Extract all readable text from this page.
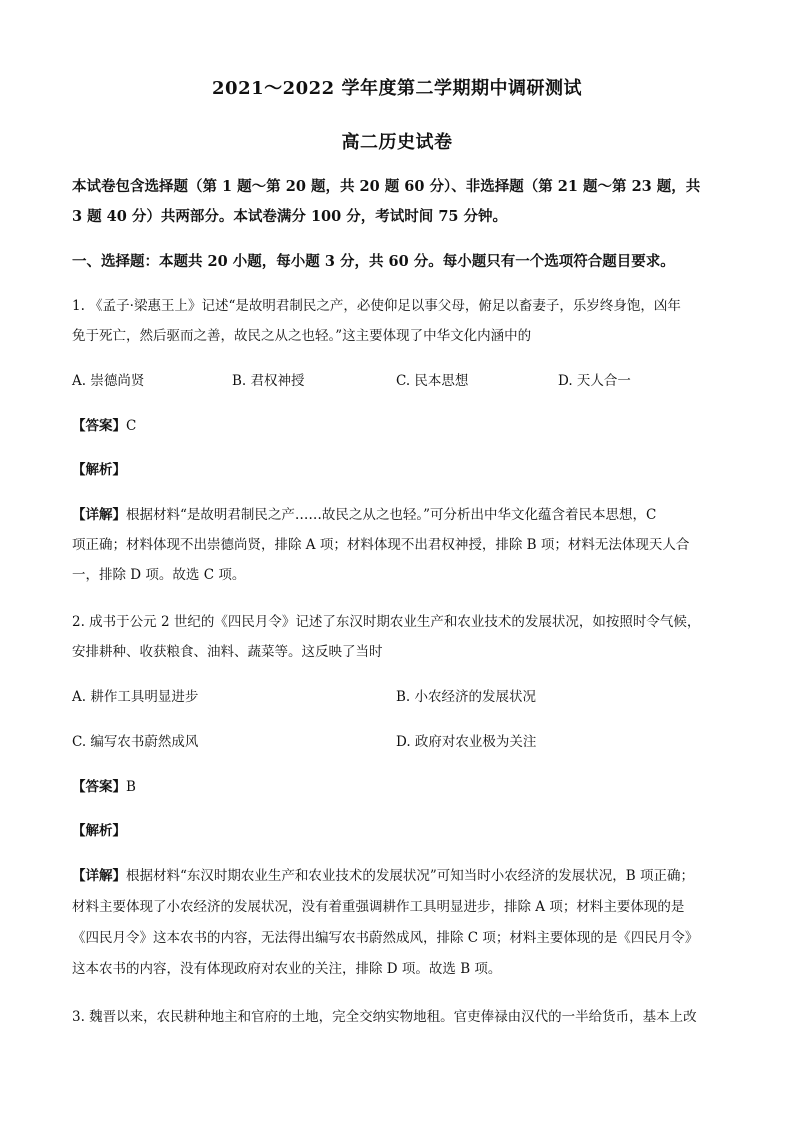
2021～2022 学年度第二学期期中调研测试
高二历史试卷
本试卷包含选择题（第 1 题～第 20 题，共 20 题 60 分）、非选择题（第 21 题～第 23 题，共
3 题 40 分）共两部分。本试卷满分 100 分，考试时间 75 分钟。
一、选择题：本题共 20 小题，每小题 3 分，共 60 分。每小题只有一个选项符合题目要求。
1. 《孟子·梁惠王上》记述“是故明君制民之产，必使仰足以事父母，俯足以畜妻子，乐岁终身饱，凶年
免于死亡，然后驱而之善，故民之从之也轻。”这主要体现了中华文化内涵中的
A. 崇德尚贤	B. 君权神授	C. 民本思想	D. 天人合一
【答案】C
【解析】
【详解】根据材料“是故明君制民之产……故民之从之也轻。”可分析出中华文化蕴含着民本思想，C
项正确；材料体现不出崇德尚贤，排除 A 项；材料体现不出君权神授，排除 B 项；材料无法体现天人合
一，排除 D 项。故选 C 项。
2. 成书于公元 2 世纪的《四民月令》记述了东汉时期农业生产和农业技术的发展状况，如按照时令气候，
安排耕种、收获粮食、油料、蔬菜等。这反映了当时
A. 耕作工具明显进步	B. 小农经济的发展状况
C. 编写农书蔚然成风	D. 政府对农业极为关注
【答案】B
【解析】
【详解】根据材料“东汉时期农业生产和农业技术的发展状况”可知当时小农经济的发展状况，B 项正确；
材料主要体现了小农经济的发展状况，没有着重强调耕作工具明显进步，排除 A 项；材料主要体现的是
《四民月令》这本农书的内容，无法得出编写农书蔚然成风，排除 C 项；材料主要体现的是《四民月令》
这本农书的内容，没有体现政府对农业的关注，排除 D 项。故选 B 项。
3. 魏晋以来，农民耕种地主和官府的土地，完全交纳实物地租。官吏俸禄由汉代的一半给货币，基本上改
